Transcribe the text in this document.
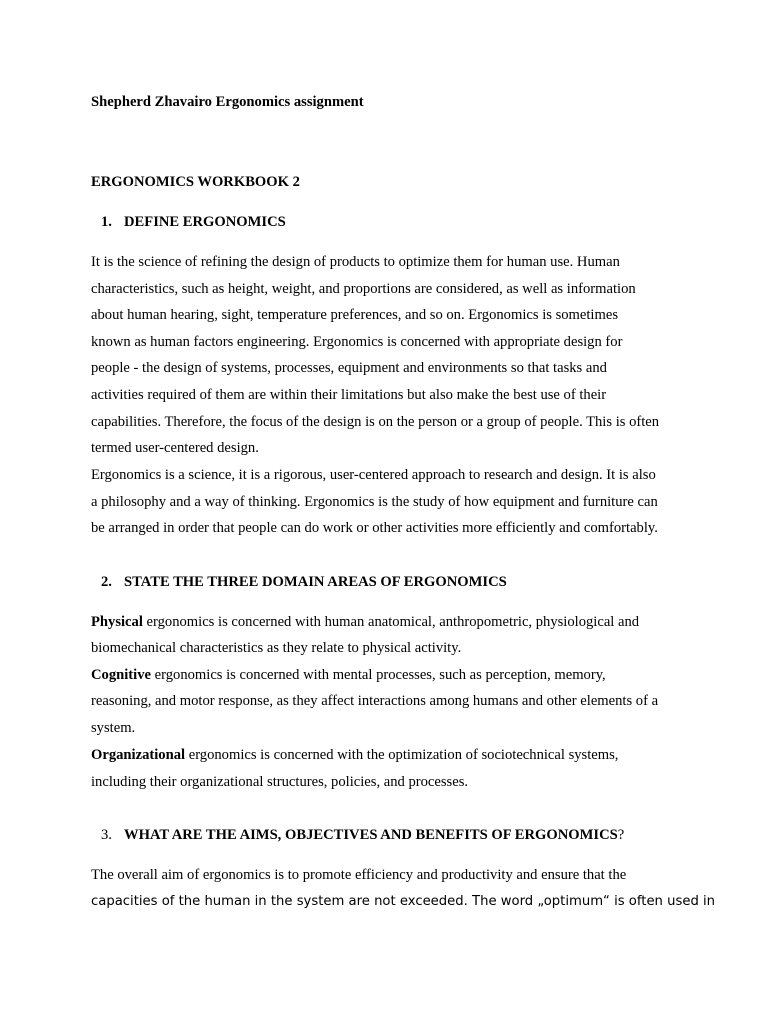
Shepherd Zhavairo Ergonomics assignment
ERGONOMICS WORKBOOK 2
1. DEFINE ERGONOMICS
It is the science of refining the design of products to optimize them for human use. Human
characteristics, such as height, weight, and proportions are considered, as well as information
about human hearing, sight, temperature preferences, and so on. Ergonomics is sometimes
known as human factors engineering. Ergonomics is concerned with appropriate design for
people - the design of systems, processes, equipment and environments so that tasks and
activities required of them are within their limitations but also make the best use of their
capabilities. Therefore, the focus of the design is on the person or a group of people. This is often
termed user-centered design.
Ergonomics is a science, it is a rigorous, user-centered approach to research and design. It is also
a philosophy and a way of thinking. Ergonomics is the study of how equipment and furniture can
be arranged in order that people can do work or other activities more efficiently and comfortably.
2. STATE THE THREE DOMAIN AREAS OF ERGONOMICS
Physical ergonomics is concerned with human anatomical, anthropometric, physiological and
biomechanical characteristics as they relate to physical activity.
Cognitive ergonomics is concerned with mental processes, such as perception, memory,
reasoning, and motor response, as they affect interactions among humans and other elements of a
system.
Organizational ergonomics is concerned with the optimization of sociotechnical systems,
including their organizational structures, policies, and processes.
3. WHAT ARE THE AIMS, OBJECTIVES AND BENEFITS OF ERGONOMICS?
The overall aim of ergonomics is to promote efficiency and productivity and ensure that the
capacities of the human in the system are not exceeded. The word „optimum“ is often used in
